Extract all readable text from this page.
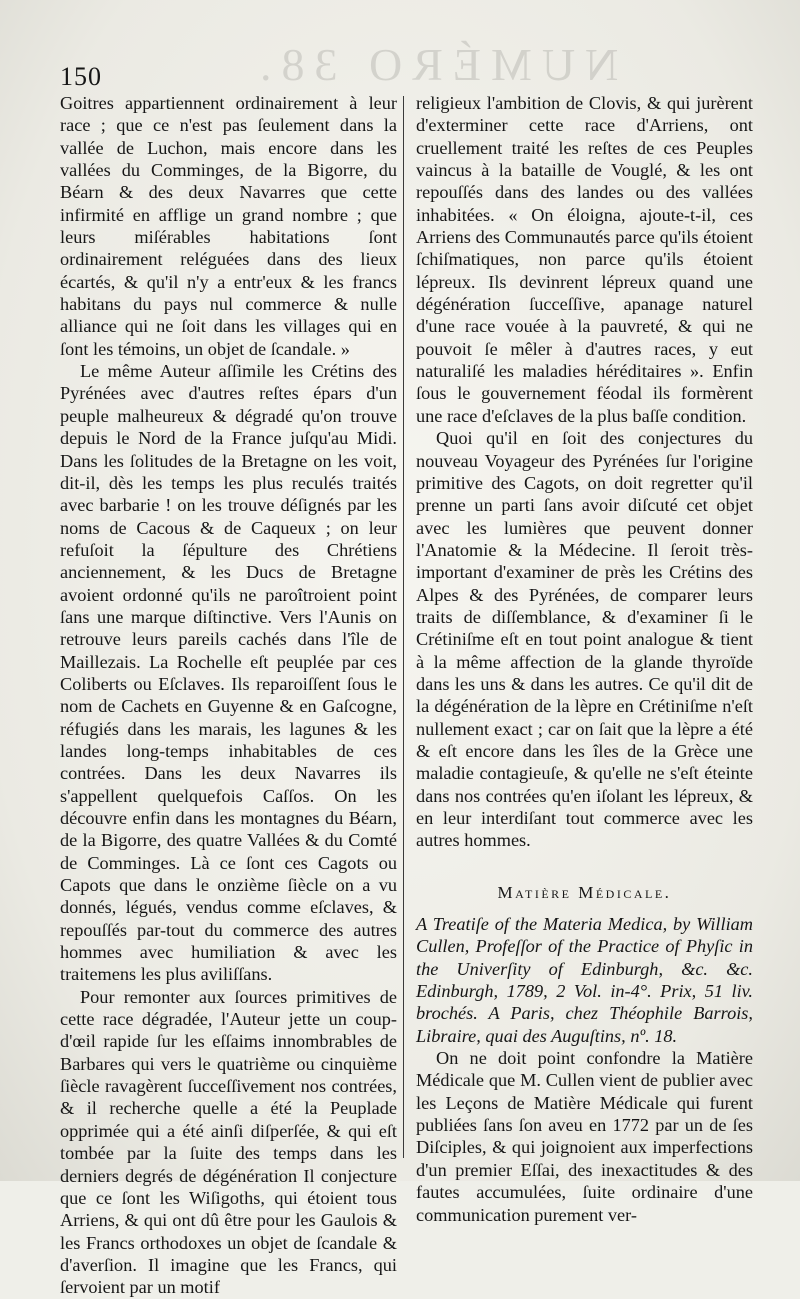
NUMÉRO 38.
150

Goitres appartiennent ordinairement à leur race ; que ce n'est pas ſeulement dans la vallée de Luchon, mais encore dans les vallées du Comminges, de la Bigorre, du Béarn & des deux Navarres que cette infirmité en afflige un grand nombre ; que leurs miſérables habitations ſont ordinairement reléguées dans des lieux écartés, & qu'il n'y a entr'eux & les francs habitans du pays nul commerce & nulle alliance qui ne ſoit dans les villages qui en ſont les témoins, un objet de ſcandale. »

Le même Auteur aſſimile les Crétins des Pyrénées avec d'autres reſtes épars d'un peuple malheureux & dégradé qu'on trouve depuis le Nord de la France juſqu'au Midi. Dans les ſolitudes de la Bretagne on les voit, dit-il, dès les temps les plus reculés traités avec barbarie ! on les trouve déſignés par les noms de Cacous & de Caqueux ; on leur refuſoit la ſépulture des Chrétiens anciennement, & les Ducs de Bretagne avoient ordonné qu'ils ne paroîtroient point ſans une marque diſtinctive. Vers l'Aunis on retrouve leurs pareils cachés dans l'île de Maillezais. La Rochelle eſt peuplée par ces Coliberts ou Eſclaves. Ils reparoiſſent ſous le nom de Cachets en Guyenne & en Gaſcogne, réfugiés dans les marais, les lagunes & les landes long-temps inhabitables de ces contrées. Dans les deux Navarres ils s'appellent quelquefois Caſſos. On les découvre enfin dans les montagnes du Béarn, de la Bigorre, des quatre Vallées & du Comté de Comminges. Là ce ſont ces Cagots ou Capots que dans le onzième ſiècle on a vu donnés, légués, vendus comme eſclaves, & repouſſés par-tout du commerce des autres hommes avec humiliation & avec les traitemens les plus aviliſſans.

Pour remonter aux ſources primitives de cette race dégradée, l'Auteur jette un coup-d'œil rapide ſur les eſſaims innombrables de Barbares qui vers le quatrième ou cinquième ſiècle ravagèrent ſucceſſivement nos contrées, & il recherche quelle a été la Peuplade opprimée qui a été ainſi diſperſée, & qui eſt tombée par la ſuite des temps dans les derniers degrés de dégénération Il conjecture que ce ſont les Wiſigoths, qui étoient tous Arriens, & qui ont dû être pour les Gaulois & les Francs orthodoxes un objet de ſcandale & d'averſion. Il imagine que les Francs, qui ſervoient par un motif

religieux l'ambition de Clovis, & qui jurèrent d'exterminer cette race d'Arriens, ont cruellement traité les reſtes de ces Peuples vaincus à la bataille de Vouglé, & les ont repouſſés dans des landes ou des vallées inhabitées. « On éloigna, ajoute-t-il, ces Arriens des Communautés parce qu'ils étoient ſchiſmatiques, non parce qu'ils étoient lépreux. Ils devinrent lépreux quand une dégénération ſucceſſive, apanage naturel d'une race vouée à la pauvreté, & qui ne pouvoit ſe mêler à d'autres races, y eut naturaliſé les maladies héréditaires ». Enfin ſous le gouvernement féodal ils formèrent une race d'eſclaves de la plus baſſe condition.

Quoi qu'il en ſoit des conjectures du nouveau Voyageur des Pyrénées ſur l'origine primitive des Cagots, on doit regretter qu'il prenne un parti ſans avoir diſcuté cet objet avec les lumières que peuvent donner l'Anatomie & la Médecine. Il ſeroit très-important d'examiner de près les Crétins des Alpes & des Pyrénées, de comparer leurs traits de diſſemblance, & d'examiner ſi le Crétiniſme eſt en tout point analogue & tient à la même affection de la glande thyroïde dans les uns & dans les autres. Ce qu'il dit de la dégénération de la lèpre en Crétiniſme n'eſt nullement exact ; car on ſait que la lèpre a été & eſt encore dans les îles de la Grèce une maladie contagieuſe, & qu'elle ne s'eſt éteinte dans nos contrées qu'en iſolant les lépreux, & en leur interdiſant tout commerce avec les autres hommes.

Matière Médicale.

A Treatiſe of the Materia Medica, by William Cullen, Profeſſor of the Practice of Phyſic in the Univerſity of Edinburgh, &c. &c. Edinburgh, 1789, 2 Vol. in-4°. Prix, 51 liv. brochés. A Paris, chez Théophile Barrois, Libraire, quai des Auguſtins, nº. 18.

On ne doit point confondre la Matière Médicale que M. Cullen vient de publier avec les Leçons de Matière Médicale qui furent publiées ſans ſon aveu en 1772 par un de ſes Diſciples, & qui joignoient aux imperfections d'un premier Eſſai, des inexactitudes & des fautes accumulées, ſuite ordinaire d'une communication purement ver-
